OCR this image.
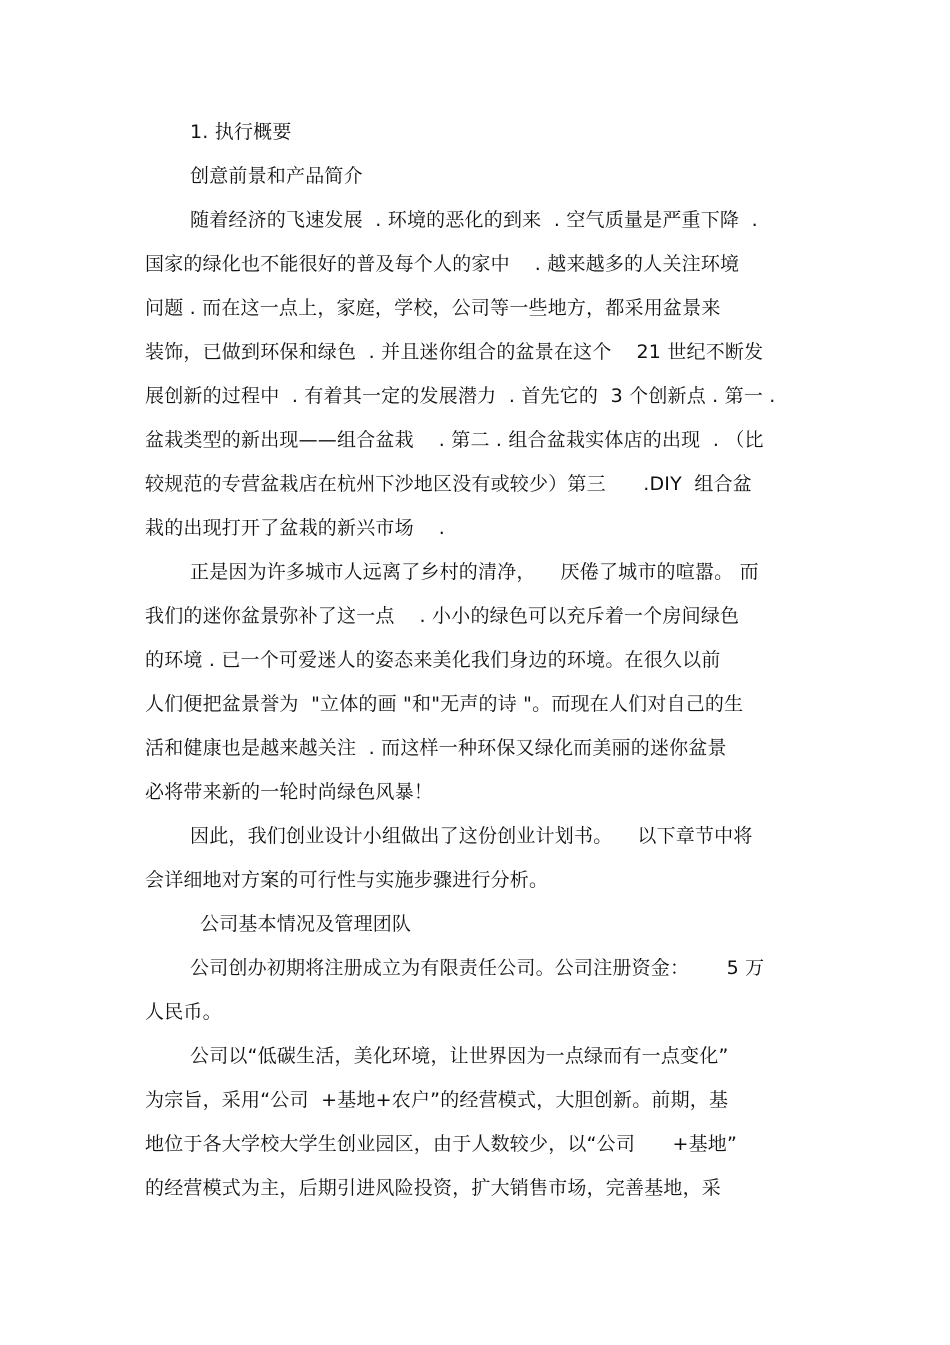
1. 执行概要
创意前景和产品简介
随着经济的飞速发展  . 环境的恶化的到来  . 空气质量是严重下降  .
国家的绿化也不能很好的普及每个人的家中    . 越来越多的人关注环境
问题 . 而在这一点上，家庭，学校，公司等一些地方，都采用盆景来
装饰，已做到环保和绿色  . 并且迷你组合的盆景在这个    21 世纪不断发
展创新的过程中  . 有着其一定的发展潜力  . 首先它的  3 个创新点 . 第一 .
盆栽类型的新出现——组合盆栽    . 第二 . 组合盆栽实体店的出现  . （比
较规范的专营盆栽店在杭州下沙地区没有或较少）第三      .DIY  组合盆
栽的出现打开了盆栽的新兴市场    .
正是因为许多城市人远离了乡村的清净，    厌倦了城市的喧嚣。 而
我们的迷你盆景弥补了这一点    . 小小的绿色可以充斥着一个房间绿色
的环境 . 已一个可爱迷人的姿态来美化我们身边的环境。在很久以前
人们便把盆景誉为  "立体的画 "和"无声的诗 "。而现在人们对自己的生
活和健康也是越来越关注  . 而这样一种环保又绿化而美丽的迷你盆景
必将带来新的一轮时尚绿色风暴！
因此，我们创业设计小组做出了这份创业计划书。    以下章节中将
会详细地对方案的可行性与实施步骤进行分析。
公司基本情况及管理团队
公司创办初期将注册成立为有限责任公司。公司注册资金：      5 万
人民币。
公司以“低碳生活，美化环境，让世界因为一点绿而有一点变化”
为宗旨，采用“公司  +基地+农户”的经营模式，大胆创新。前期，基
地位于各大学校大学生创业园区，由于人数较少，以“公司      +基地”
的经营模式为主，后期引进风险投资，扩大销售市场，完善基地，采
